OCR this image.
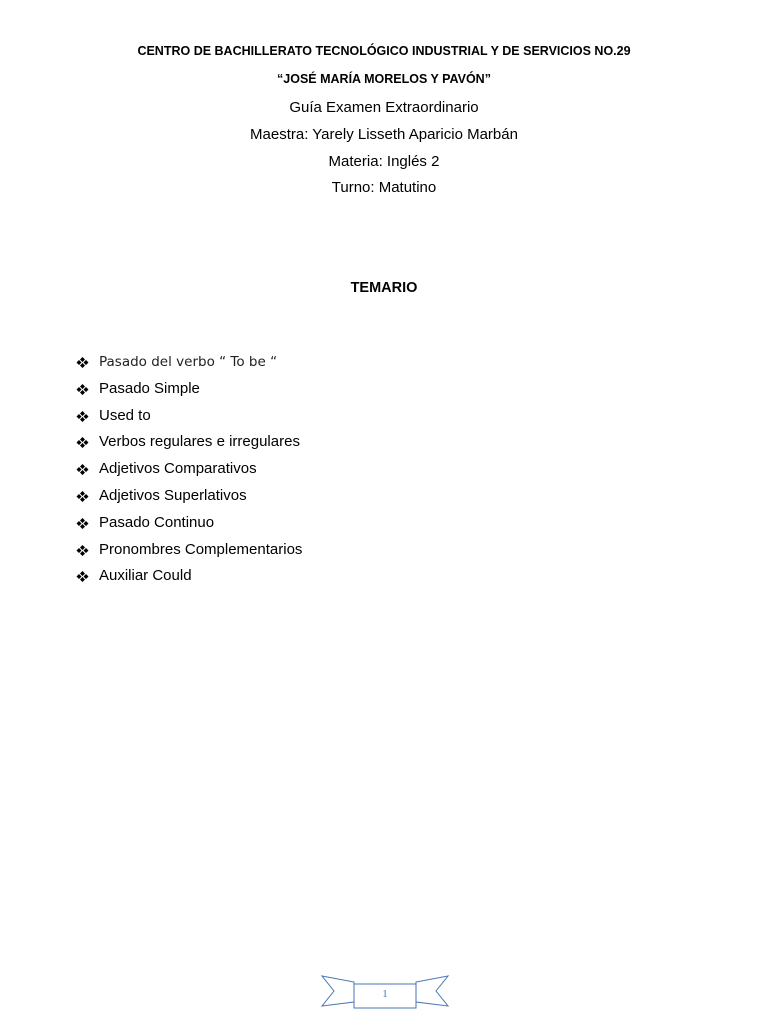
CENTRO DE BACHILLERATO TECNOLÓGICO INDUSTRIAL Y DE SERVICIOS NO.29
“JOSÉ MARÍA MORELOS Y PAVÓN”
Guía Examen Extraordinario
Maestra: Yarely Lisseth Aparicio Marbán
Materia: Inglés 2
Turno: Matutino
TEMARIO
Pasado del verbo “ To be “
Pasado Simple
Used to
Verbos regulares e irregulares
Adjetivos Comparativos
Adjetivos Superlativos
Pasado Continuo
Pronombres Complementarios
Auxiliar Could
1
